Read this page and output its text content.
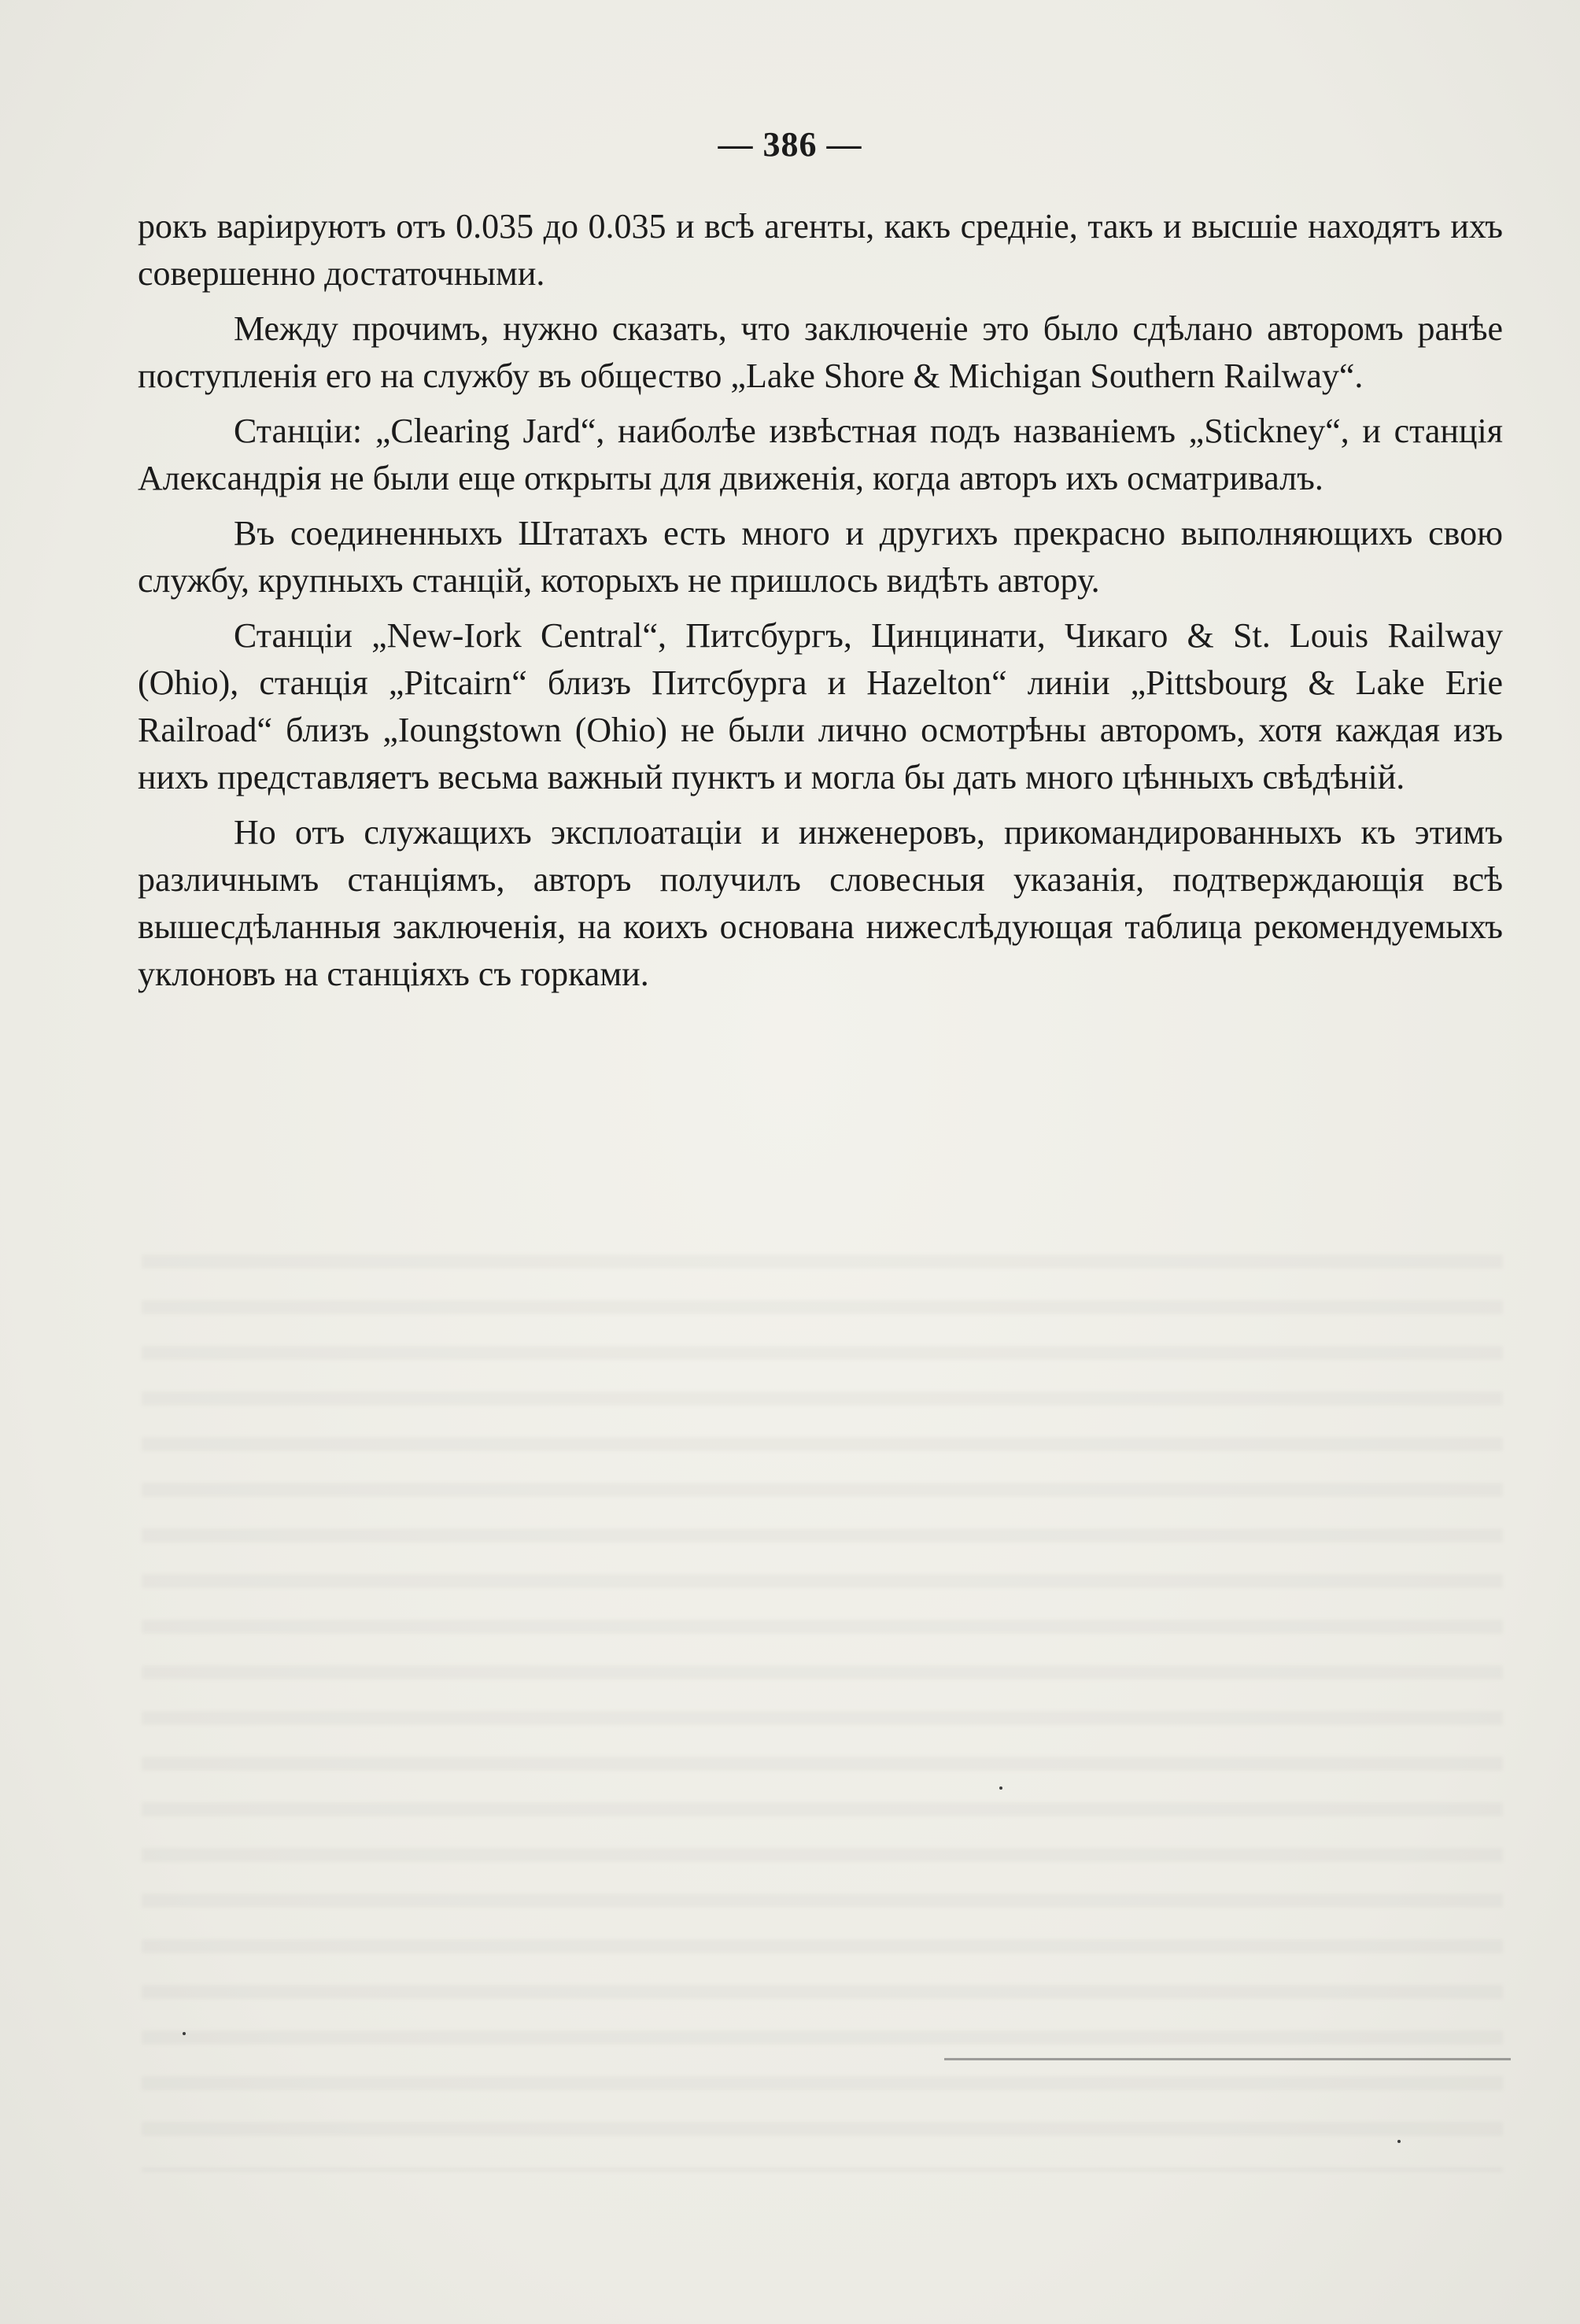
— 386 —

рокъ варiируютъ отъ 0.035 до 0.035 и всѣ агенты, какъ средніе, такъ и высшiе находятъ ихъ совершенно достаточными.

Между прочимъ, нужно сказать, что заключенiе это было сдѣлано авторомъ ранѣе поступленiя его на службу въ общество „Lake Shore & Michigan Southern Railway“.

Станцiи: „Clearing Jard“, наиболѣе извѣстная подъ названiемъ „Stickney“, и станцiя Александрiя не были еще открыты для движенiя, когда авторъ ихъ осматривалъ.

Въ соединенныхъ Штатахъ есть много и другихъ прекрасно выполняющихъ свою службу, крупныхъ станцiй, которыхъ не пришлось видѣть автору.

Станцiи „New-Iork Central“, Питсбургъ, Цинцинати, Чикаго & St. Louis Railway (Ohio), станцiя „Pitcairn“ близъ Питсбурга и Hazelton“ линiи „Pittsbourg & Lake Erie Railroad“ близъ „Ioungstown (Ohio) не были лично осмотрѣны авторомъ, хотя каждая изъ нихъ представляетъ весьма важный пунктъ и могла бы дать много цѣнныхъ свѣдѣнiй.

Но отъ служащихъ эксплоатацiи и инженеровъ, прикомандированныхъ къ этимъ различнымъ станцiямъ, авторъ получилъ словесныя указанiя, подтверждающiя всѣ вышесдѣланныя заключенiя, на коихъ основана нижеслѣдующая таблица рекомендуемыхъ уклоновъ на станцiяхъ съ горками.
